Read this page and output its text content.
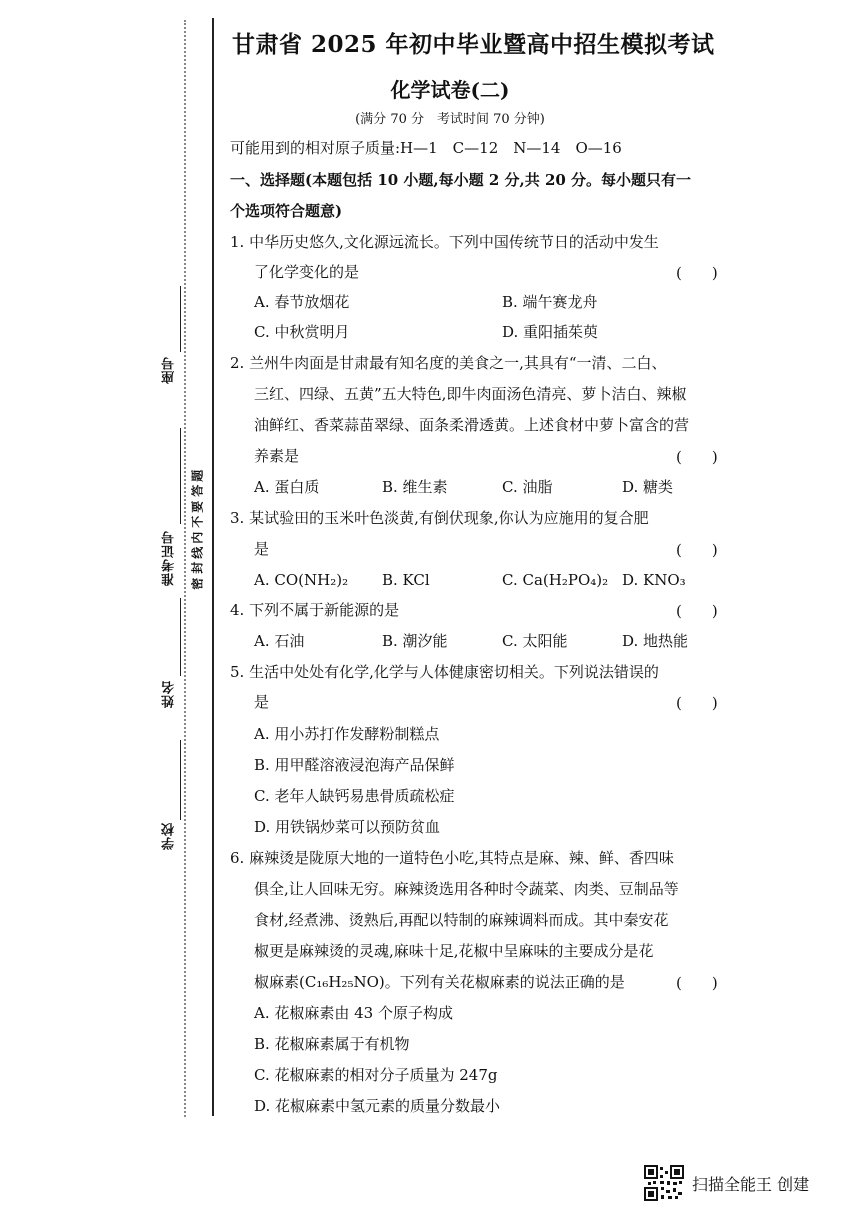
座号
准考证号
姓名
学校
题
答
要
不
内
线
封
密
甘肃省 2025 年初中毕业暨高中招生模拟考试
化学试卷(二)
(满分 70 分　考试时间 70 分钟)
可能用到的相对原子质量:H—1　C—12　N—14　O—16
一、选择题(本题包括 10 小题,每小题 2 分,共 20 分。每小题只有一
个选项符合题意)
1. 中华历史悠久,文化源远流长。下列中国传统节日的活动中发生
了化学变化的是	(　　)
A. 春节放烟花	B. 端午赛龙舟
C. 中秋赏明月	D. 重阳插茱萸
2. 兰州牛肉面是甘肃最有知名度的美食之一,其具有“一清、二白、
三红、四绿、五黄”五大特色,即牛肉面汤色清亮、萝卜洁白、辣椒
油鲜红、香菜蒜苗翠绿、面条柔滑透黄。上述食材中萝卜富含的营
养素是	(　　)
A. 蛋白质	B. 维生素	C. 油脂	D. 糖类
3. 某试验田的玉米叶色淡黄,有倒伏现象,你认为应施用的复合肥
是	(　　)
A. CO(NH₂)₂ B. KCl	C. Ca(H₂PO₄)₂ D. KNO₃
4. 下列不属于新能源的是	(　　)
A. 石油	B. 潮汐能	C. 太阳能	D. 地热能
5. 生活中处处有化学,化学与人体健康密切相关。下列说法错误的
是	(　　)
A. 用小苏打作发酵粉制糕点
B. 用甲醛溶液浸泡海产品保鲜
C. 老年人缺钙易患骨质疏松症
D. 用铁锅炒菜可以预防贫血
6. 麻辣烫是陇原大地的一道特色小吃,其特点是麻、辣、鲜、香四味
俱全,让人回味无穷。麻辣烫选用各种时令蔬菜、肉类、豆制品等
食材,经煮沸、烫熟后,再配以特制的麻辣调料而成。其中秦安花
椒更是麻辣烫的灵魂,麻味十足,花椒中呈麻味的主要成分是花
椒麻素(C₁₆H₂₅NO)。下列有关花椒麻素的说法正确的是	(　　)
A. 花椒麻素由 43 个原子构成
B. 花椒麻素属于有机物
C. 花椒麻素的相对分子质量为 247g
D. 花椒麻素中氢元素的质量分数最小
扫描全能王 创建
